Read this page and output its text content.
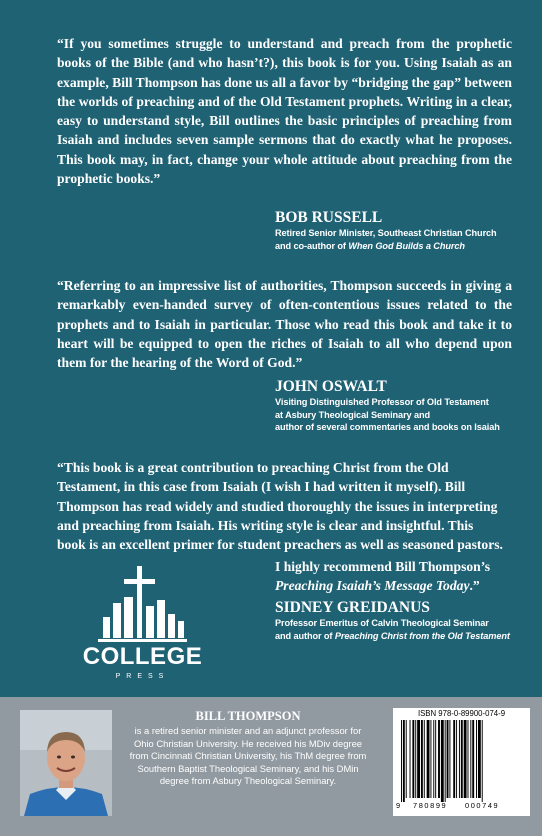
“If you sometimes struggle to understand and preach from the prophetic books of the Bible (and who hasn’t?), this book is for you. Using Isaiah as an example, Bill Thompson has done us all a favor by “bridging the gap” between the worlds of preaching and of the Old Testament prophets. Writing in a clear, easy to understand style, Bill outlines the basic principles of preaching from Isaiah and includes seven sample sermons that do exactly what he proposes. This book may, in fact, change your whole attitude about preaching from the prophetic books.”

BOB RUSSELL

Retired Senior Minister, Southeast Christian Church
and co-author of When God Builds a Church

“Referring to an impressive list of authorities, Thompson succeeds in giving a remarkably even-handed survey of often-contentious issues related to the prophets and to Isaiah in particular. Those who read this book and take it to heart will be equipped to open the riches of Isaiah to all who depend upon them for the hearing of the Word of God.”

JOHN OSWALT

Visiting Distinguished Professor of Old Testament
at Asbury Theological Seminary and
author of several commentaries and books on Isaiah

“This book is a great contribution to preaching Christ from the Old
Testament, in this case from Isaiah (I wish I had written it myself). Bill
Thompson has read widely and studied thoroughly the issues in interpreting
and preaching from Isaiah. His writing style is clear and insightful. This
book is an excellent primer for student preachers as well as seasoned pastors.
I highly recommend Bill Thompson’s
Preaching Isaiah’s Message Today.”

SIDNEY GREIDANUS

Professor Emeritus of Calvin Theological Seminar
and author of Preaching Christ from the Old Testament

COLLEGE
PRESS

BILL THOMPSON

is a retired senior minister and an adjunct professor for Ohio Christian University. He received his MDiv degree from Cincinnati Christian University, his ThM degree from Southern Baptist Theological Seminary, and his DMin degree from Asbury Theological Seminary.

ISBN 978-0-89900-074-9
9 780899 000749
